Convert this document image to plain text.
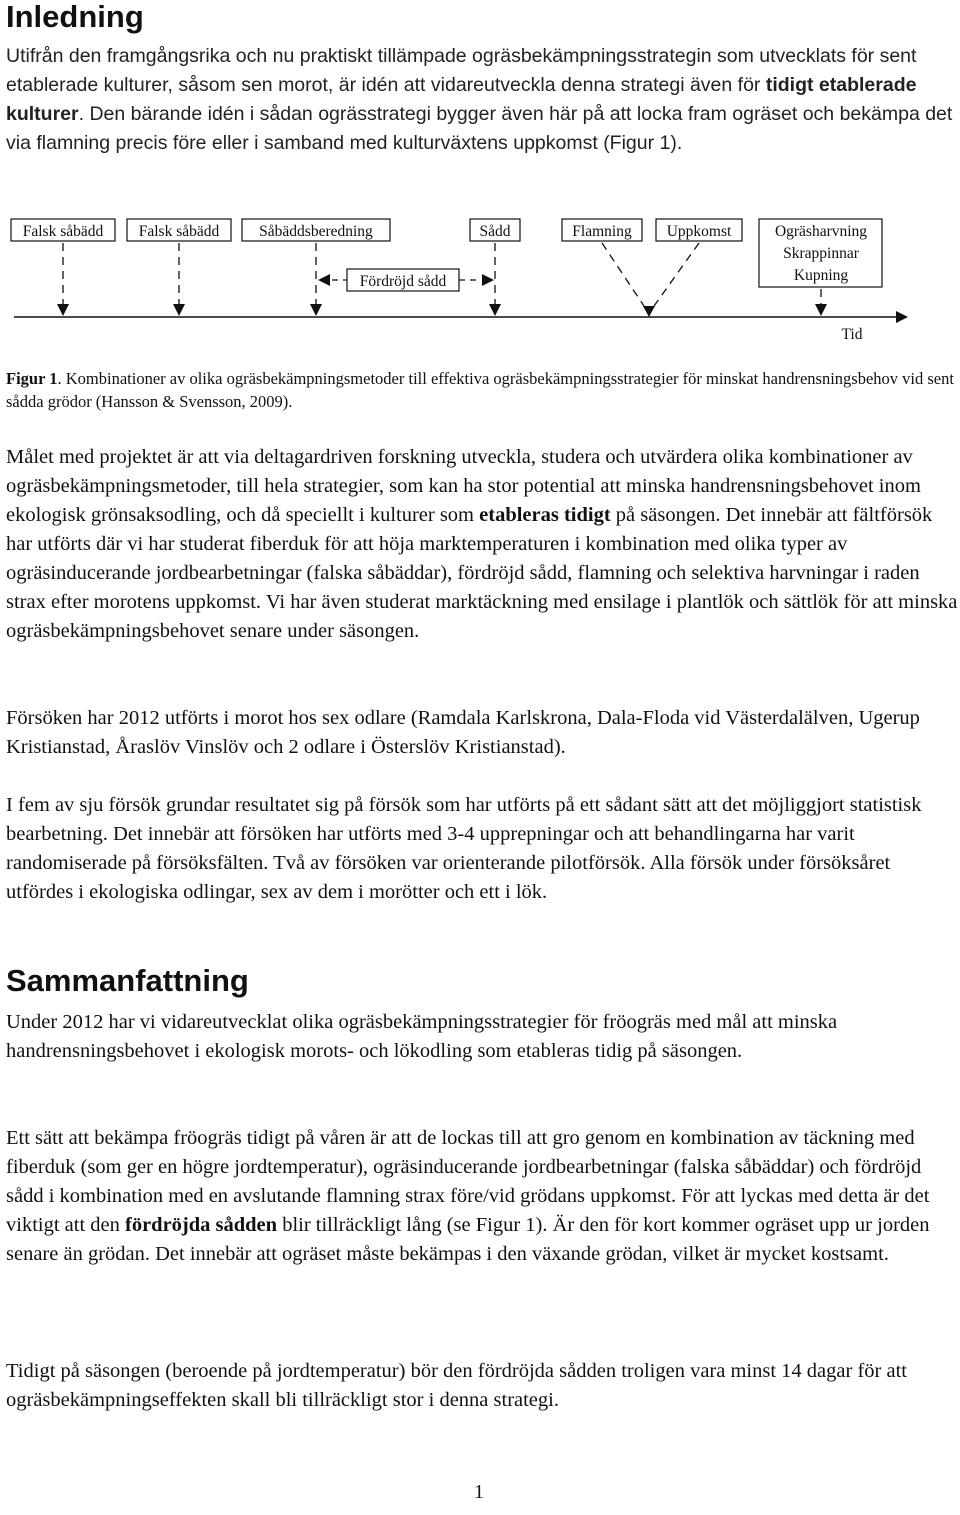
Inledning

Utifrån den framgångsrika och nu praktiskt tillämpade ogräsbekämpningsstrategin som utvecklats för sent etablerade kulturer, såsom sen morot, är idén att vidareutveckla denna strategi även för tidigt etablerade kulturer. Den bärande idén i sådan ogrässtrategi bygger även här på att locka fram ogräset och bekämpa det via flamning precis före eller i samband med kulturväxtens uppkomst (Figur 1).

Falsk såbädd Falsk såbädd	Såbäddsberedning	Sådd	Flamning Uppkomst	Ogräsharvning
Skrappinnar
Kupning
Fördröjd sådd
Tid

Figur 1. Kombinationer av olika ogräsbekämpningsmetoder till effektiva ogräsbekämpningsstrategier för minskat handrensningsbehov vid sent sådda grödor (Hansson & Svensson, 2009).

Målet med projektet är att via deltagardriven forskning utveckla, studera och utvärdera olika kombinationer av ogräsbekämpningsmetoder, till hela strategier, som kan ha stor potential att minska handrensningsbehovet inom ekologisk grönsaksodling, och då speciellt i kulturer som etableras tidigt på säsongen. Det innebär att fältförsök har utförts där vi har studerat fiberduk för att höja marktemperaturen i kombination med olika typer av ogräsinducerande jordbearbetningar (falska såbäddar), fördröjd sådd, flamning och selektiva harvningar i raden strax efter morotens uppkomst. Vi har även studerat marktäckning med ensilage i plantlök och sättlök för att minska ogräsbekämpningsbehovet senare under säsongen.

Försöken har 2012 utförts i morot hos sex odlare (Ramdala Karlskrona, Dala-Floda vid Västerdalälven, Ugerup Kristianstad, Åraslöv Vinslöv och 2 odlare i Österslöv Kristianstad).

I fem av sju försök grundar resultatet sig på försök som har utförts på ett sådant sätt att det möjliggjort statistisk bearbetning. Det innebär att försöken har utförts med 3-4 upprepningar och att behandlingarna har varit randomiserade på försöksfälten. Två av försöken var orienterande pilotförsök. Alla försök under försöksåret utfördes i ekologiska odlingar, sex av dem i morötter och ett i lök.

Sammanfattning

Under 2012 har vi vidareutvecklat olika ogräsbekämpningsstrategier för fröogräs med mål att minska handrensningsbehovet i ekologisk morots- och lökodling som etableras tidig på säsongen.

Ett sätt att bekämpa fröogräs tidigt på våren är att de lockas till att gro genom en kombination av täckning med fiberduk (som ger en högre jordtemperatur), ogräsinducerande jordbearbetningar (falska såbäddar) och fördröjd sådd i kombination med en avslutande flamning strax före/vid grödans uppkomst. För att lyckas med detta är det viktigt att den fördröjda sådden blir tillräckligt lång (se Figur 1). Är den för kort kommer ogräset upp ur jorden senare än grödan. Det innebär att ogräset måste bekämpas i den växande grödan, vilket är mycket kostsamt.

Tidigt på säsongen (beroende på jordtemperatur) bör den fördröjda sådden troligen vara minst 14 dagar för att ogräsbekämpningseffekten skall bli tillräckligt stor i denna strategi.

1
